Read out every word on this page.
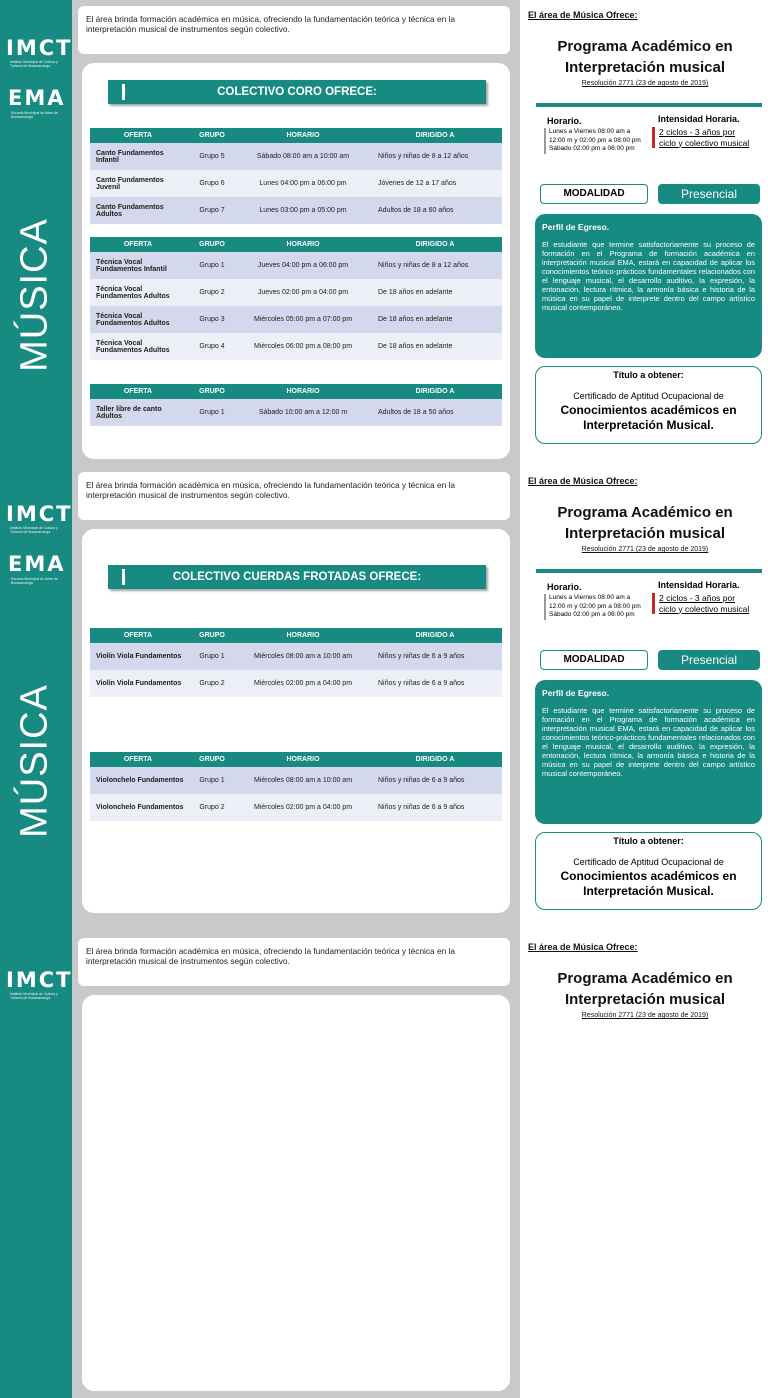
IMCT
Instituto Municipal de Cultura y Turismo de Bucaramanga
EMA
Escuela Municipal de Artes de Bucaramanga
MÚSICA
El área brinda formación académica en música, ofreciendo la fundamentación teórica y técnica en la interpretación musical de instrumentos según colectivo.
COLECTIVO CORO OFRECE:
OFERTA	GRUPO	HORARIO	DIRIGIDO A
Canto Fundamentos Infantil	Grupo 5	Sábado 08:00 am a 10:00 am	Niños y niñas de 8 a 12 años
Canto Fundamentos Juvenil	Grupo 6	Lunes 04:00 pm a 06:00 pm	Jóvenes de 12 a 17 años
Canto Fundamentos Adultos	Grupo 7	Lunes 03:00 pm a 05:00 pm	Adultos de 18 a 60 años
OFERTA	GRUPO	HORARIO	DIRIGIDO A
Técnica Vocal Fundamentos Infantil	Grupo 1	Jueves 04:00 pm a 06:00 pm	Niños y niñas de 8 a 12 años
Técnica Vocal Fundamentos Adultos	Grupo 2	Jueves 02:00 pm a 04:00 pm	De 18 años en adelante
Técnica Vocal Fundamentos Adultos	Grupo 3	Miércoles 05:00 pm a 07:00 pm	De 18 años en adelante
Técnica Vocal Fundamentos Adultos	Grupo 4	Miércoles 06:00 pm a 08:00 pm	De 18 años en adelante
OFERTA	GRUPO	HORARIO	DIRIGIDO A
Taller libre de canto Adultos	Grupo 1	Sábado 10:00 am a 12:00 m	Adultos de 18 a 50 años
El área de Música Ofrece:
Programa Académico en Interpretación musical
Resolución 2771 (23 de agosto de 2019)
Horario.
Lunes a Viernes 08:00 am a 12:00 m y 02:00 pm a 08:00 pm Sábado 02:00 pm a 06:00 pm
Intensidad Horaria.
2 ciclos - 3 años por ciclo y colectivo musical
MODALIDAD	Presencial
Perfil de Egreso.

El estudiante que termine satisfactoriamente su proceso de formación en el Programa de formación académica en interpretación musical EMA, estará en capacidad de aplicar los conocimientos teórico-prácticos fundamentales relacionados con el lenguaje musical, el desarrollo auditivo, la expresión, la entonación, lectura rítmica, la armonía básica e historia de la música en su papel de interprete dentro del campo artístico musical contemporáneo.

Título a obtener:
Certificado de Aptitud Ocupacional de
Conocimientos académicos en Interpretación Musical.
IMCT
Instituto Municipal de Cultura y Turismo de Bucaramanga
EMA
Escuela Municipal de Artes de Bucaramanga
MÚSICA
El área brinda formación académica en música, ofreciendo la fundamentación teórica y técnica en la interpretación musical de instrumentos según colectivo.
COLECTIVO CUERDAS FROTADAS OFRECE:
OFERTA	GRUPO	HORARIO	DIRIGIDO A
Violín Viola Fundamentos	Grupo 1	Miércoles 08:00 am a 10:00 am	Niños y niñas de 6 a 9 años
Violín Viola Fundamentos	Grupo 2	Miércoles 02:00 pm a 04:00 pm	Niños y niñas de 6 a 9 años
OFERTA	GRUPO	HORARIO	DIRIGIDO A
Violonchelo Fundamentos	Grupo 1	Miércoles 08:00 am a 10:00 am	Niños y niñas de 6 a 9 años
Violonchelo Fundamentos	Grupo 2	Miércoles 02:00 pm a 04:00 pm	Niños y niñas de 6 a 9 años
El área de Música Ofrece:
Programa Académico en Interpretación musical
Resolución 2771 (23 de agosto de 2019)
Horario.
Lunes a Viernes 08:00 am a 12:00 m y 02:00 pm a 08:00 pm Sábado 02:00 pm a 06:00 pm
Intensidad Horaria.
2 ciclos - 3 años por ciclo y colectivo musical
MODALIDAD	Presencial
Perfil de Egreso.

El estudiante que termine satisfactoriamente su proceso de formación en el Programa de formación académica en interpretación musical EMA, estará en capacidad de aplicar los conocimientos teórico-prácticos fundamentales relacionados con el lenguaje musical, el desarrollo auditivo, la expresión, la entonación, lectura rítmica, la armonía básica e historia de la música en su papel de interprete dentro del campo artístico musical contemporáneo.

Título a obtener:
Certificado de Aptitud Ocupacional de
Conocimientos académicos en Interpretación Musical.
IMCT
Instituto Municipal de Cultura y Turismo de Bucaramanga
El área brinda formación académica en música, ofreciendo la fundamentación teórica y técnica en la interpretación musical de instrumentos según colectivo.
El área de Música Ofrece:
Programa Académico en Interpretación musical
Resolución 2771 (23 de agosto de 2019)
